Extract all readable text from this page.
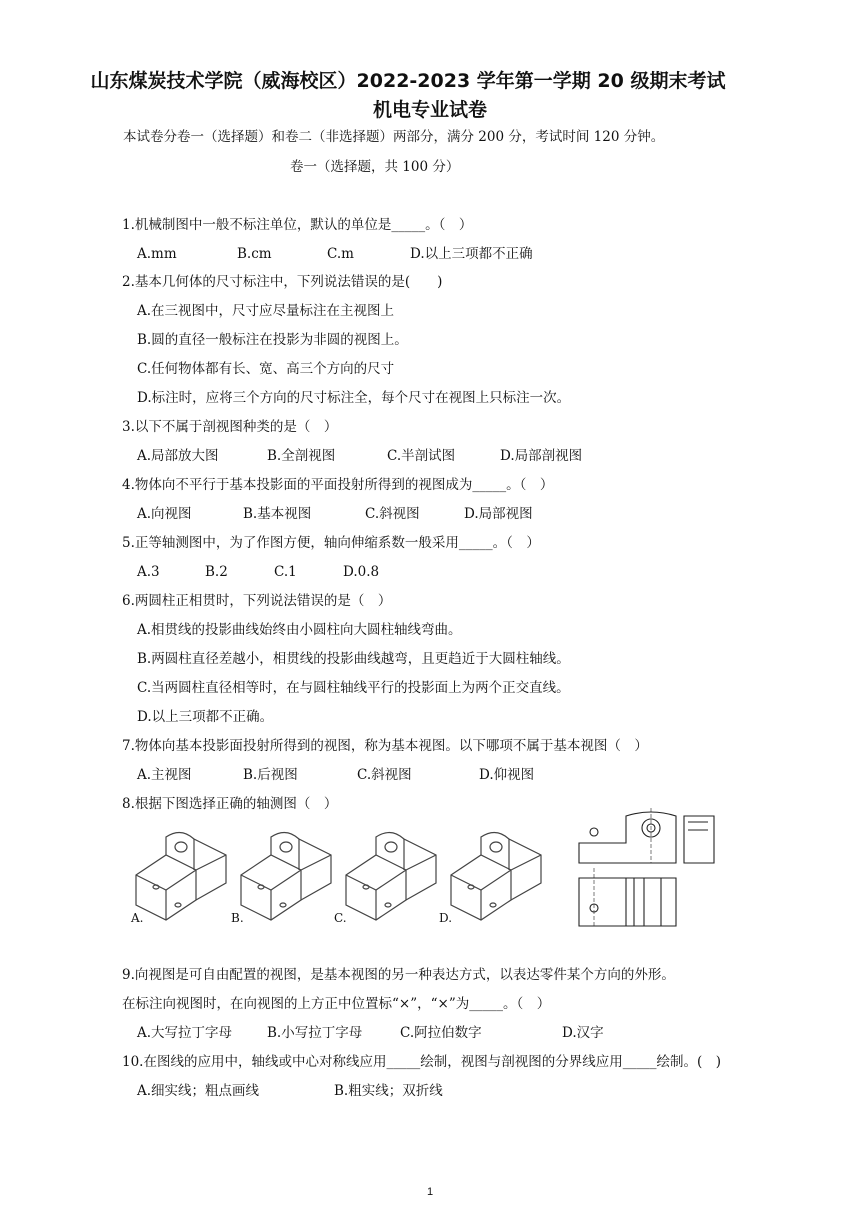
山东煤炭技术学院（威海校区）2022-2023 学年第一学期 20 级期末考试
机电专业试卷
本试卷分卷一（选择题）和卷二（非选择题）两部分，满分 200 分，考试时间 120 分钟。
卷一（选择题，共 100 分）
1.机械制图中一般不标注单位，默认的单位是_____。（　）
A.mm	B.cm	C.m	D.以上三项都不正确
2.基本几何体的尺寸标注中，下列说法错误的是(　　)
A.在三视图中，尺寸应尽量标注在主视图上
B.圆的直径一般标注在投影为非圆的视图上。
C.任何物体都有长、宽、高三个方向的尺寸
D.标注时，应将三个方向的尺寸标注全，每个尺寸在视图上只标注一次。
3.以下不属于剖视图种类的是（　）
A.局部放大图	B.全剖视图	C.半剖试图	D.局部剖视图
4.物体向不平行于基本投影面的平面投射所得到的视图成为_____。（　）
A.向视图	B.基本视图	C.斜视图	D.局部视图
5.正等轴测图中，为了作图方便，轴向伸缩系数一般采用_____。（　）
A.3	B.2	C.1	D.0.8
6.两圆柱正相贯时，下列说法错误的是（　）
A.相贯线的投影曲线始终由小圆柱向大圆柱轴线弯曲。
B.两圆柱直径差越小，相贯线的投影曲线越弯，且更趋近于大圆柱轴线。
C.当两圆柱直径相等时，在与圆柱轴线平行的投影面上为两个正交直线。
D.以上三项都不正确。
7.物体向基本投影面投射所得到的视图，称为基本视图。以下哪项不属于基本视图（　）
A.主视图	B.后视图	C.斜视图	D.仰视图
8.根据下图选择正确的轴测图（　）
A.	B.	C.	D.
9.向视图是可自由配置的视图，是基本视图的另一种表达方式，以表达零件某个方向的外形。
在标注向视图时，在向视图的上方正中位置标“×”，“×”为_____。（　）
A.大写拉丁字母	B.小写拉丁字母	C.阿拉伯数字	D.汉字
10.在图线的应用中，轴线或中心对称线应用_____绘制，视图与剖视图的分界线应用_____绘制。(　)
A.细实线；粗点画线	B.粗实线；双折线
1
